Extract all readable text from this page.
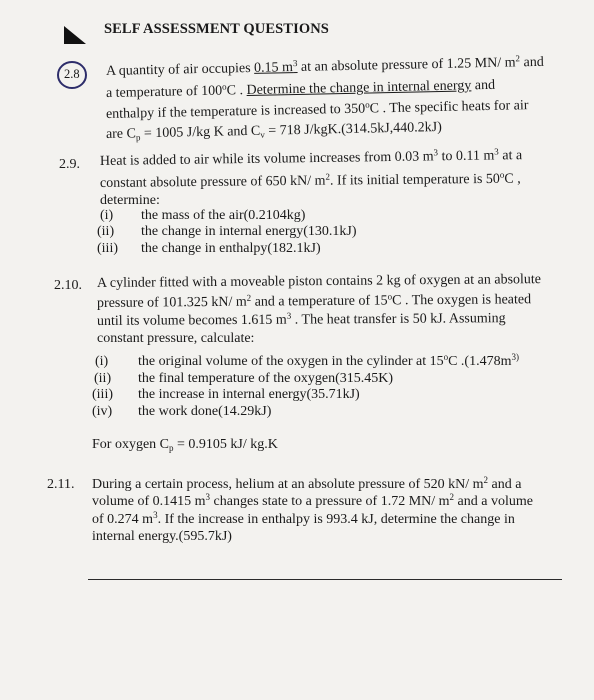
SELF ASSESSMENT QUESTIONS
2.8 A quantity of air occupies 0.15 $m^3$ at an absolute pressure of 1.25 MN/ $m^2$ and
a temperature of 100$^o$C . Determine the change in internal energy and
enthalpy if the temperature is increased to 350$^o$C . The specific heats for air
are $C_p = 1005$ J/kg K and $C_v = 718$ J/kgK.(314.5kJ,440.2kJ)
2.9. Heat is added to air while its volume increases from 0.03 $m^3$ to 0.11 $m^3$ at a
constant absolute pressure of 650 kN/ $m^2$. If its initial temperature is 50$^o$C ,
determine:
(i) the mass of the air(0.2104kg)
(ii) the change in internal energy(130.1kJ)
(iii) the change in enthalpy(182.1kJ)
2.10. A cylinder fitted with a moveable piston contains 2 kg of oxygen at an absolute
pressure of 101.325 kN/ $m^2$ and a temperature of 15$^o$C . The oxygen is heated
until its volume becomes 1.615 $m^3$ . The heat transfer is 50 kJ. Assuming
constant pressure, calculate:
(i) the original volume of the oxygen in the cylinder at 15$^o$C $.(1.478m^{3)}$
(ii) the final temperature of the oxygen(315.45K)
(iii) the increase in internal energy(35.71kJ)
(iv) the work done(14.29kJ)
For oxygen $C_p = 0.9105$ kJ/ kg.K
2.11. During a certain process, helium at an absolute pressure of 520 kN/ $m^2$ and a
volume of 0.1415 $m^3$ changes state to a pressure of 1.72 MN/ $m^2$ and a volume
of 0.274 $m^3$. If the increase in enthalpy is 993.4 kJ, determine the change in
internal energy.(595.7kJ)
